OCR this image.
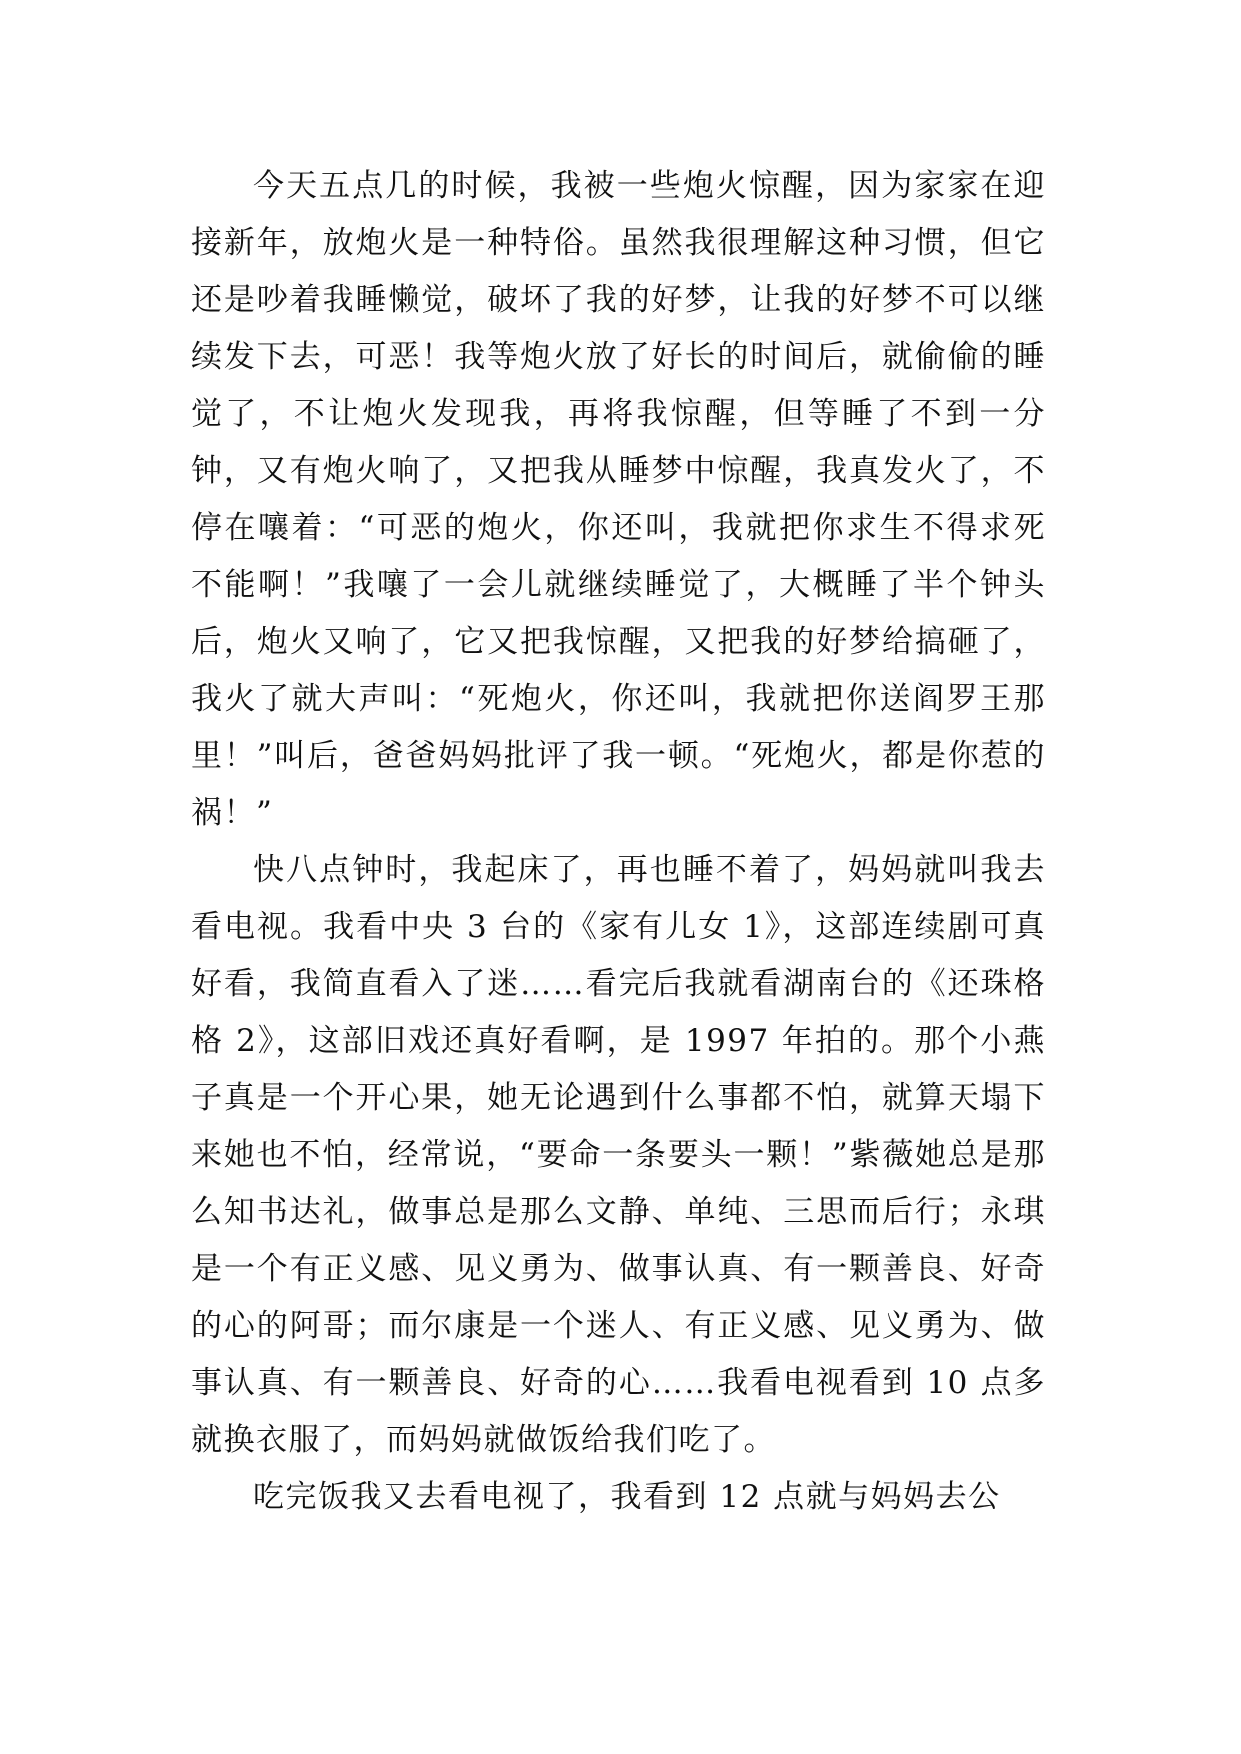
今天五点几的时候，我被一些炮火惊醒，因为家家在迎接新年，放炮火是一种特俗。虽然我很理解这种习惯，但它还是吵着我睡懒觉，破坏了我的好梦，让我的好梦不可以继续发下去，可恶！我等炮火放了好长的时间后，就偷偷的睡觉了，不让炮火发现我，再将我惊醒，但等睡了不到一分钟，又有炮火响了，又把我从睡梦中惊醒，我真发火了，不停在嚷着：“可恶的炮火，你还叫，我就把你求生不得求死不能啊！”我嚷了一会儿就继续睡觉了，大概睡了半个钟头后，炮火又响了，它又把我惊醒，又把我的好梦给搞砸了，我火了就大声叫：“死炮火，你还叫，我就把你送阎罗王那里！”叫后，爸爸妈妈批评了我一顿。“死炮火，都是你惹的祸！”

快八点钟时，我起床了，再也睡不着了，妈妈就叫我去看电视。我看中央 3 台的《家有儿女 1》，这部连续剧可真好看，我简直看入了迷……看完后我就看湖南台的《还珠格格 2》，这部旧戏还真好看啊，是 1997 年拍的。那个小燕子真是一个开心果，她无论遇到什么事都不怕，就算天塌下来她也不怕，经常说，“要命一条要头一颗！”紫薇她总是那么知书达礼，做事总是那么文静、单纯、三思而后行；永琪是一个有正义感、见义勇为、做事认真、有一颗善良、好奇的心的阿哥；而尔康是一个迷人、有正义感、见义勇为、做事认真、有一颗善良、好奇的心……我看电视看到 10 点多就换衣服了，而妈妈就做饭给我们吃了。

吃完饭我又去看电视了，我看到 12 点就与妈妈去公
